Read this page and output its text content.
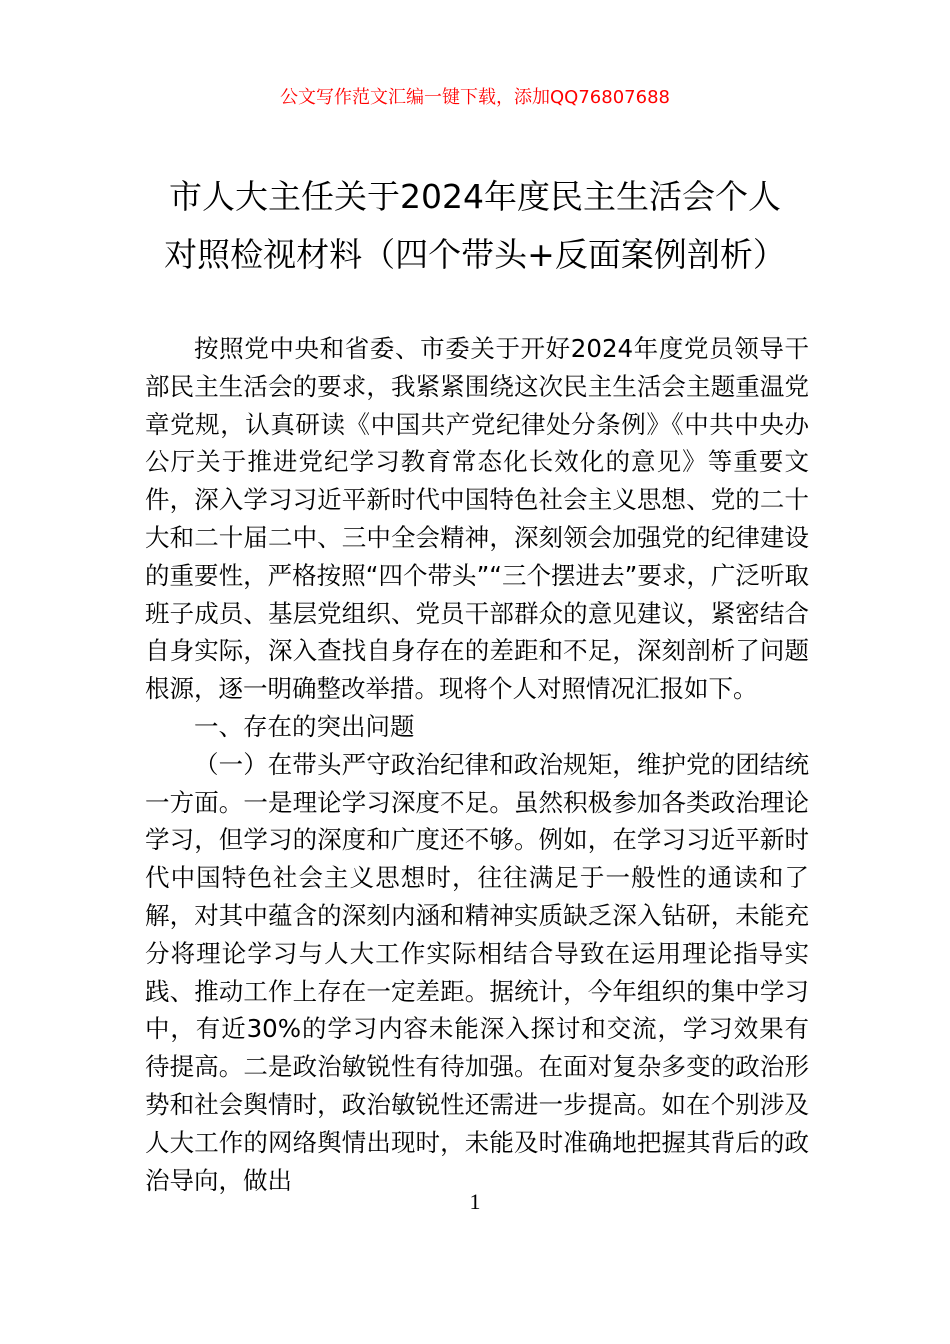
公文写作范文汇编一键下载，添加QQ76807688
市人大主任关于2024年度民主生活会个人
对照检视材料（四个带头+反面案例剖析）

按照党中央和省委、市委关于开好2024年度党员领导干部民主生活会的要求，我紧紧围绕这次民主生活会主题重温党章党规，认真研读《中国共产党纪律处分条例》《中共中央办公厅关于推进党纪学习教育常态化长效化的意见》等重要文件，深入学习习近平新时代中国特色社会主义思想、党的二十大和二十届二中、三中全会精神，深刻领会加强党的纪律建设的重要性，严格按照“四个带头”“三个摆进去”要求，广泛听取班子成员、基层党组织、党员干部群众的意见建议，紧密结合自身实际，深入查找自身存在的差距和不足，深刻剖析了问题根源，逐一明确整改举措。现将个人对照情况汇报如下。

一、存在的突出问题

（一）在带头严守政治纪律和政治规矩，维护党的团结统一方面。一是理论学习深度不足。虽然积极参加各类政治理论学习，但学习的深度和广度还不够。例如，在学习习近平新时代中国特色社会主义思想时，往往满足于一般性的通读和了解，对其中蕴含的深刻内涵和精神实质缺乏深入钻研，未能充分将理论学习与人大工作实际相结合导致在运用理论指导实践、推动工作上存在一定差距。据统计，今年组织的集中学习中，有近30%的学习内容未能深入探讨和交流，学习效果有待提高。二是政治敏锐性有待加强。在面对复杂多变的政治形势和社会舆情时，政治敏锐性还需进一步提高。如在个别涉及人大工作的网络舆情出现时，未能及时准确地把握其背后的政治导向，做出

1
